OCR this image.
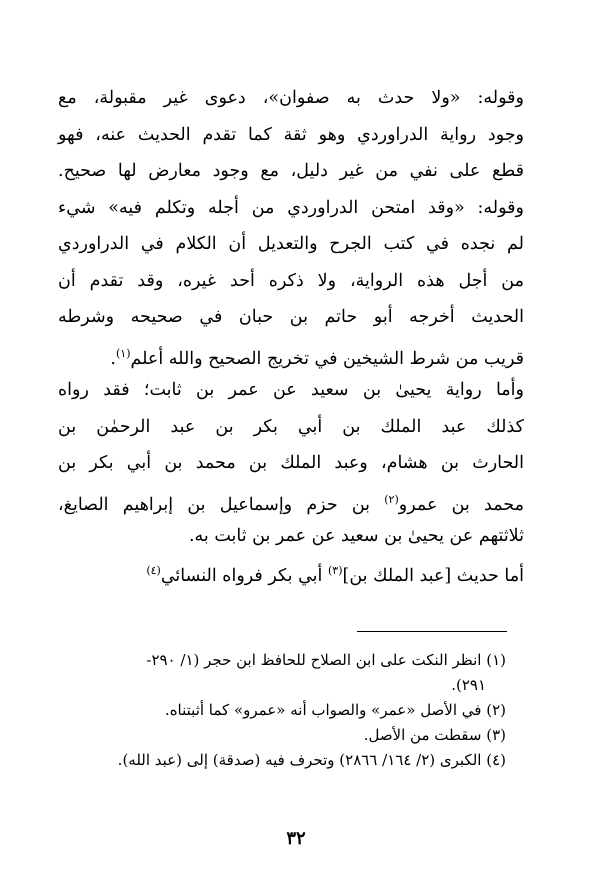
وقوله: «ولا حدث به صفوان»، دعوى غير مقبولة، مع
وجود رواية الدراوردي وهو ثقة كما تقدم الحديث عنه، فهو
قطع على نفي من غير دليل، مع وجود معارض لها صحيح.
وقوله: «وقد امتحن الدراوردي من أجله وتكلم فيه» شيء
لم نجده في كتب الجرح والتعديل أن الكلام في الدراوردي
من أجل هذه الرواية، ولا ذكره أحد غيره، وقد تقدم أن
الحديث أخرجه أبو حاتم بن حبان في صحيحه وشرطه
قريب من شرط الشيخين في تخريج الصحيح والله أعلم$^{(١)}$.
وأما رواية يحيىٰ بن سعيد عن عمر بن ثابت؛ فقد رواه
كذلك عبد الملك بن أبي بكر بن عبد الرحمٰن بن
الحارث بن هشام، وعبد الملك بن محمد بن أبي بكر بن
محمد بن عمرو$^{(٢)}$ بن حزم وإسماعيل بن إبراهيم الصايغ،
ثلاثتهم عن يحيىٰ بن سعيد عن عمر بن ثابت به.
أما حديث [عبد الملك بن]$^{(٣)}$ أبي بكر فرواه النسائي$^{(٤)}$
(١) انظر النكت على ابن الصلاح للحافظ ابن حجر (١/ ٢٩٠-
٢٩١).
(٢) في الأصل «عمر» والصواب أنه «عمرو» كما أثبتناه.
(٣) سقطت من الأصل.
(٤) الكبرى (٢/ ١٦٤/ ٢٨٦٦) وتحرف فيه (صدقة) إلى (عبد الله).
٣٢
